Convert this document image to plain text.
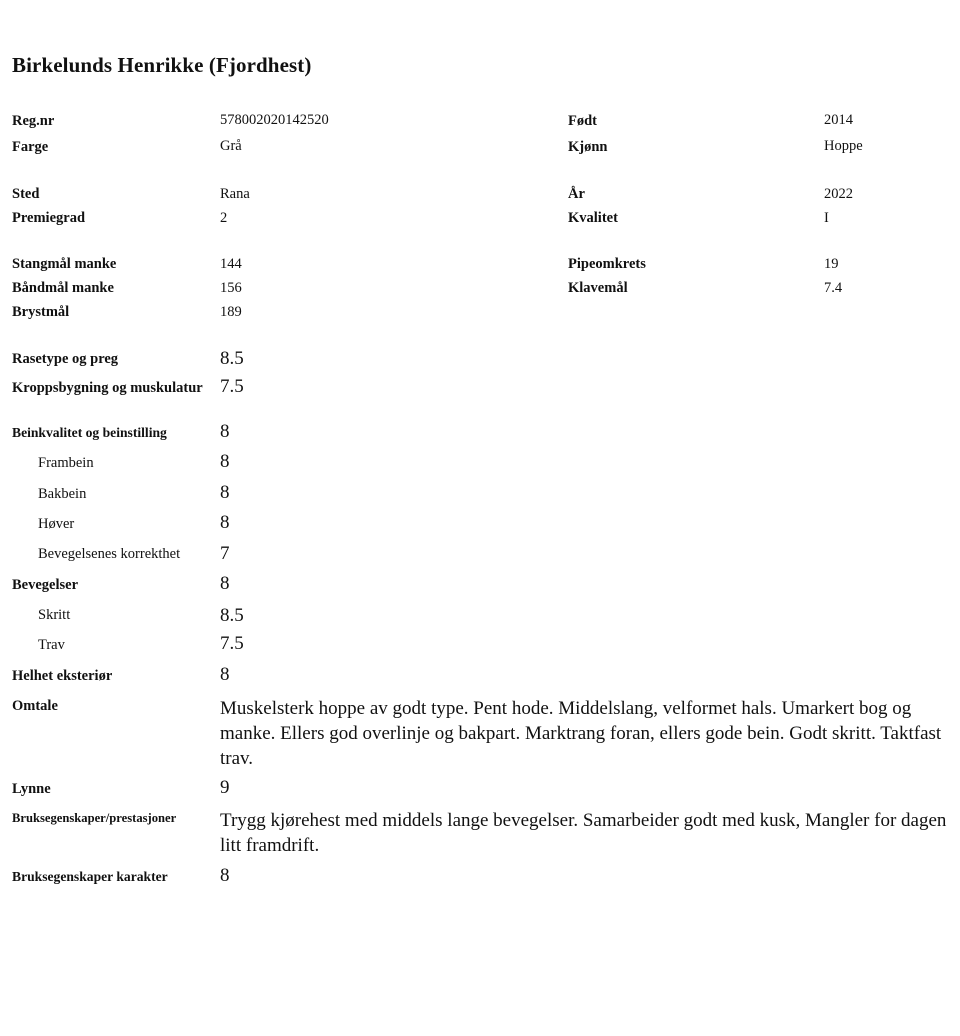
Birkelunds Henrikke (Fjordhest)
Reg.nr	578002020142520
Farge	Grå
Født	2014
Kjønn	Hoppe
Sted	Rana
Premiegrad	2
År	2022
Kvalitet	I
Stangmål manke	144
Båndmål manke	156
Brystmål	189
Pipeomkrets	19
Klavemål	7.4
Rasetype og preg	8.5
Kroppsbygning og muskulatur 7.5
Beinkvalitet og beinstilling	8
Frambein	8
Bakbein	8
Høver	8
Bevegelsenes korrekthet 7
Bevegelser	8
Skritt	8.5
Trav	7.5
Helhet eksteriør	8
Omtale	Muskelsterk hoppe av godt type. Pent hode. Middelslang, velformet hals. Umarkert bog og manke. Ellers god overlinje og bakpart. Marktrang foran, ellers gode bein. Godt skritt. Taktfast trav.
Lynne	9
Bruksegenskaper/prestasjoner Trygg kjørehest med middels lange bevegelser. Samarbeider godt med kusk, Mangler for dagen litt framdrift.
Bruksegenskaper karakter	8
